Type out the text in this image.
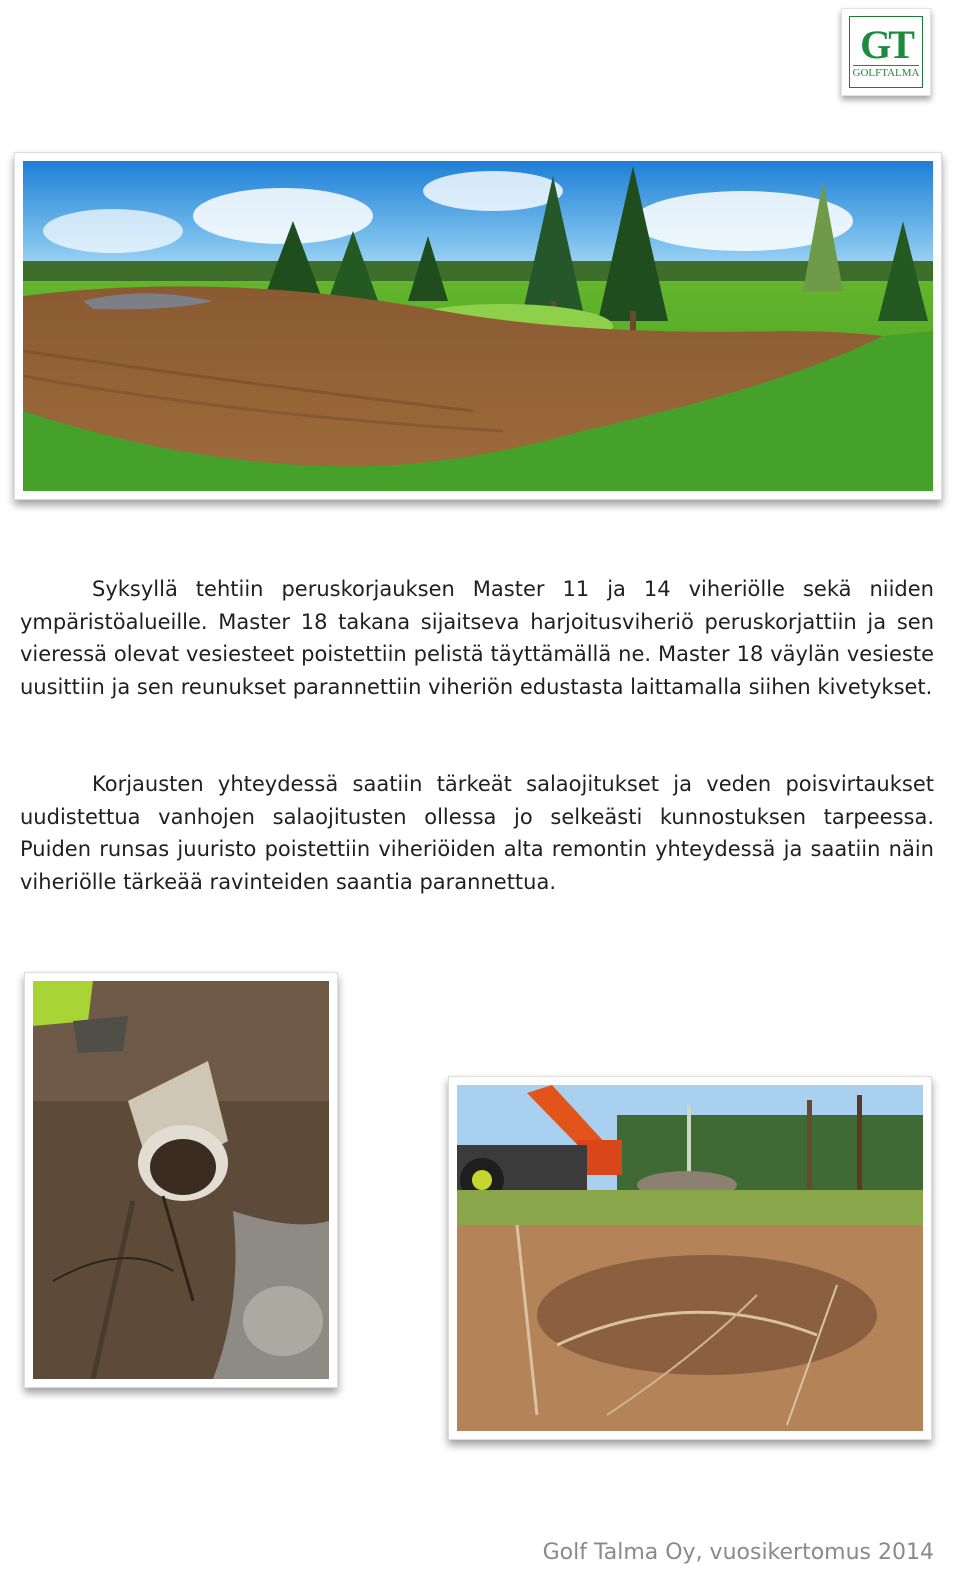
GT
GOLFTALMA

Syksyllä tehtiin peruskorjauksen Master 11 ja 14 viheriölle sekä niiden ympäristöalueille. Master 18 takana sijaitseva harjoitusviheriö peruskorjattiin ja sen vieressä olevat vesiesteet poistettiin pelistä täyttämällä ne. Master 18 väylän vesieste uusittiin ja sen reunukset parannettiin viheriön edustasta laittamalla siihen kivetykset.

Korjausten yhteydessä saatiin tärkeät salaojitukset ja veden poisvirtaukset uudistettua vanhojen salaojitusten ollessa jo selkeästi kunnostuksen tarpeessa. Puiden runsas juuristo poistettiin viheriöiden alta remontin yhteydessä ja saatiin näin viheriölle tärkeää ravinteiden saantia parannettua.

Golf Talma Oy, vuosikertomus 2014
